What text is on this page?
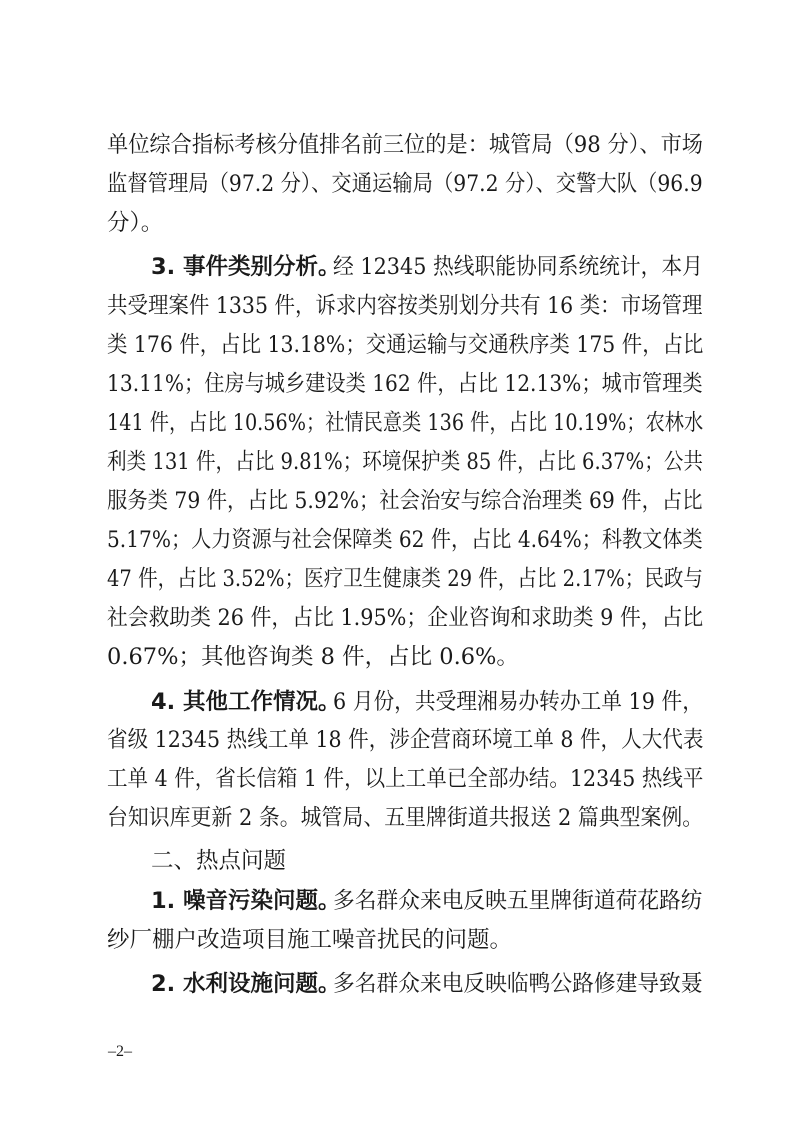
单位综合指标考核分值排名前三位的是：城管局（98 分）、市场
监督管理局（97.2 分）、交通运输局（97.2 分）、交警大队（96.9
分）。
3. 事件类别分析。
经 12345 热线职能协同系统统计，本月
共受理案件 1335 件，诉求内容按类别划分共有 16 类：市场管理
类 176 件，占比 13.18%；交通运输与交通秩序类 175 件，占比
13.11%；住房与城乡建设类 162 件，占比 12.13%；城市管理类
141 件，占比 10.56%；社情民意类 136 件，占比 10.19%；农林水
利类 131 件，占比 9.81%；环境保护类 85 件，占比 6.37%；公共
服务类 79 件，占比 5.92%；社会治安与综合治理类 69 件，占比
5.17%；人力资源与社会保障类 62 件，占比 4.64%；科教文体类
47 件，占比 3.52%；医疗卫生健康类 29 件，占比 2.17%；民政与
社会救助类 26 件，占比 1.95%；企业咨询和求助类 9 件，占比
0.67%；其他咨询类 8 件，占比 0.6%。
4. 其他工作情况。
6 月份，共受理湘易办转办工单 19 件，
省级 12345 热线工单 18 件，涉企营商环境工单 8 件，人大代表
工单 4 件，省长信箱 1 件，以上工单已全部办结。12345 热线平
台知识库更新 2 条。城管局、五里牌街道共报送 2 篇典型案例。
二、热点问题
1. 噪音污染问题。
多名群众来电反映五里牌街道荷花路纺
纱厂棚户改造项目施工噪音扰民的问题。
2. 水利设施问题。
多名群众来电反映临鸭公路修建导致聂
–2–
